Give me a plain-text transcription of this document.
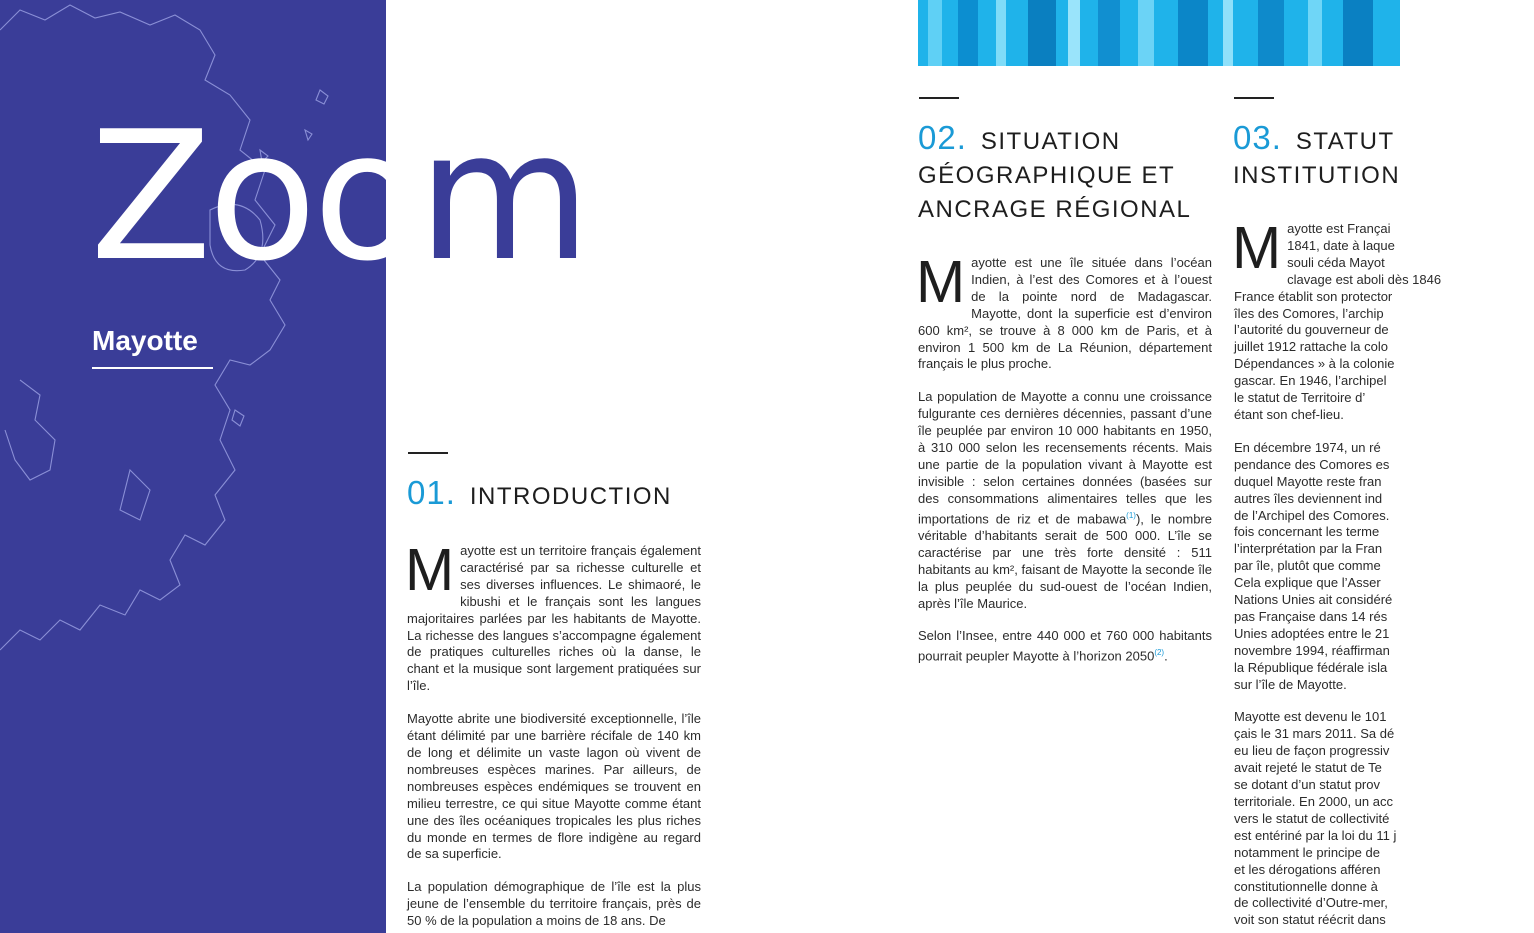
Zoom
Mayotte
01. INTRODUCTION

Mayotte est un territoire français également caractérisé par sa richesse culturelle et ses diverses influences. Le shimaoré, le kibushi et le français sont les langues majoritaires parlées par les habitants de Mayotte. La richesse des langues s’accompagne également de pratiques culturelles riches où la danse, le chant et la musique sont largement pratiquées sur l’île.

Mayotte abrite une biodiversité exceptionnelle, l’île étant délimité par une barrière récifale de 140 km de long et délimite un vaste lagon où vivent de nombreuses espèces marines. Par ailleurs, de nombreuses espèces endémiques se trouvent en milieu terrestre, ce qui situe Mayotte comme étant une des îles océaniques tropicales les plus riches du monde en termes de flore indigène au regard de sa superficie.

La population démographique de l’île est la plus jeune de l’ensemble du territoire français, près de 50 % de la population a moins de 18 ans. De

02. SITUATION
GÉOGRAPHIQUE ET
ANCRAGE RÉGIONAL

Mayotte est une île située dans l’océan Indien, à l’est des Comores et à l’ouest de la pointe nord de Madagascar. Mayotte, dont la superficie est d’environ 600 km², se trouve à 8 000 km de Paris, et à environ 1 500 km de La Réunion, département français le plus proche.

La population de Mayotte a connu une croissance fulgurante ces dernières décennies, passant d’une île peuplée par environ 10 000 habitants en 1950, à 310 000 selon les recensements récents. Mais une partie de la population vivant à Mayotte est invisible : selon certaines données (basées sur des consommations alimentaires telles que les importations de riz et de mabawa$^{(1)}$), le nombre véritable d’habitants serait de 500 000. L’île se caractérise par une très forte densité : 511 habitants au km², faisant de Mayotte la seconde île la plus peuplée du sud-ouest de l’océan Indien, après l’île Maurice.

Selon l’Insee, entre 440 000 et 760 000 habitants pourrait peupler Mayotte à l’horizon 2050$^{(2)}$.

03. STATUT
INSTITUTION
M ayotte est Françai
1841, date à laque
souli céda Mayot
clavage est aboli dès 1846
France établit son protector
îles des Comores, l’archip
l’autorité du gouverneur de
juillet 1912 rattache la colo
Dépendances » à la colonie
gascar. En 1946, l’archipel
le statut de Territoire d’
étant son chef-lieu.
En décembre 1974, un ré
pendance des Comores es
duquel Mayotte reste fran
autres îles deviennent ind
de l’Archipel des Comores.
fois concernant les terme
l’interprétation par la Fran
par île, plutôt que comme
Cela explique que l’Asser
Nations Unies ait considéré
pas Française dans 14 rés
Unies adoptées entre le 21
novembre 1994, réaffirman
la République fédérale isla
sur l’île de Mayotte.
Mayotte est devenu le 101
çais le 31 mars 2011. Sa dé
eu lieu de façon progressiv
avait rejeté le statut de Te
se dotant d’un statut prov
territoriale. En 2000, un acc
vers le statut de collectivité
est entériné par la loi du 11 j
notamment le principe de
et les dérogations afféren
constitutionnelle donne à
de collectivité d’Outre-mer,
voit son statut réécrit dans
